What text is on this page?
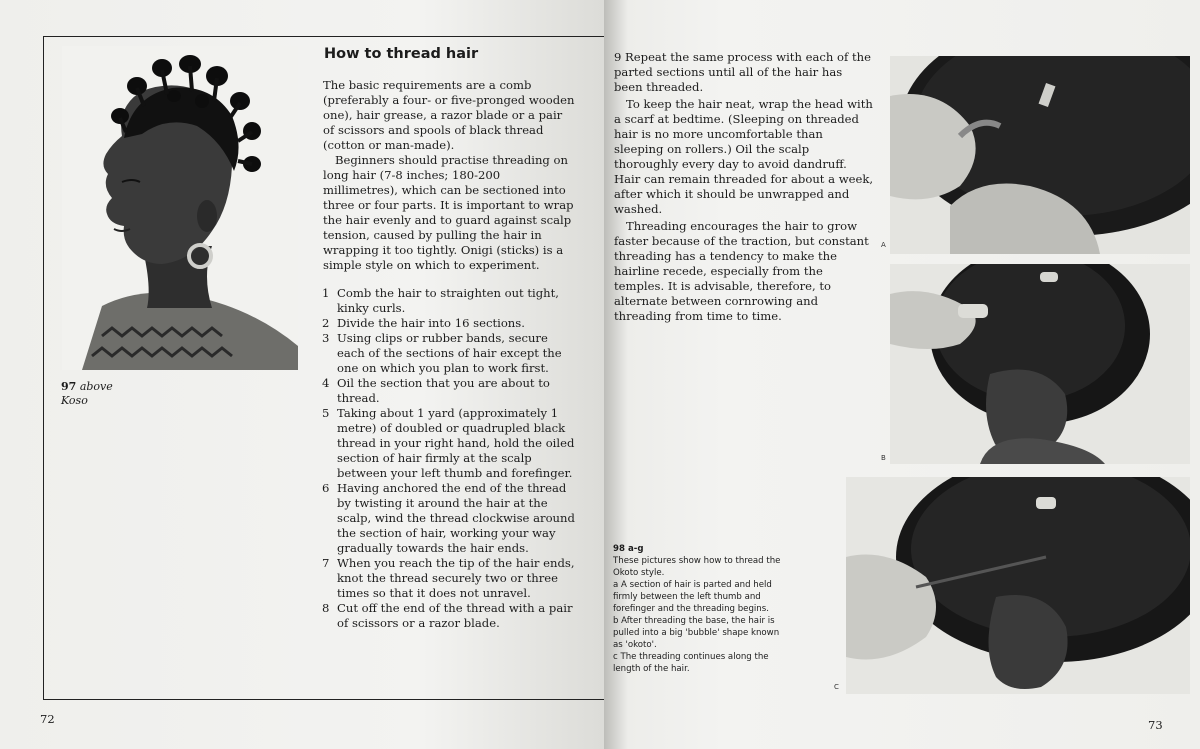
97 above
Koso
How to thread hair

The basic requirements are a comb (preferably a four- or five-pronged wooden one), hair grease, a razor blade or a pair of scissors and spools of black thread (cotton or man-made).

Beginners should practise threading on long hair (7-8 inches; 180-200 millimetres), which can be sectioned into three or four parts. It is important to wrap the hair evenly and to guard against scalp tension, caused by pulling the hair in wrapping it too tightly. Onigi (sticks) is a simple style on which to experiment.

1 Comb the hair to straighten out tight, kinky curls.
2 Divide the hair into 16 sections.
3 Using clips or rubber bands, secure each of the sections of hair except the one on which you plan to work first.
4 Oil the section that you are about to thread.
5 Taking about 1 yard (approximately 1 metre) of doubled or quadrupled black thread in your right hand, hold the oiled section of hair firmly at the scalp between your left thumb and forefinger.
6 Having anchored the end of the thread by twisting it around the hair at the scalp, wind the thread clockwise around the section of hair, working your way gradually towards the hair ends.
7 When you reach the tip of the hair ends, knot the thread securely two or three times so that it does not unravel.
8 Cut off the end of the thread with a pair of scissors or a razor blade.
72

9 Repeat the same process with each of the parted sections until all of the hair has been threaded.

To keep the hair neat, wrap the head with a scarf at bedtime. (Sleeping on threaded hair is no more uncomfortable than sleeping on rollers.) Oil the scalp thoroughly every day to avoid dandruff. Hair can remain threaded for about a week, after which it should be unwrapped and washed.

Threading encourages the hair to grow faster because of the traction, but constant threading has a tendency to make the hairline recede, especially from the temples. It is advisable, therefore, to alternate between cornrowing and threading from time to time.

98 a-g
These pictures show how to thread the Okoto style.
a A section of hair is parted and held firmly between the left thumb and forefinger and the threading begins.
b After threading the base, the hair is pulled into a big 'bubble' shape known as 'okoto'.
c The threading continues along the length of the hair.
A
B
C
73
